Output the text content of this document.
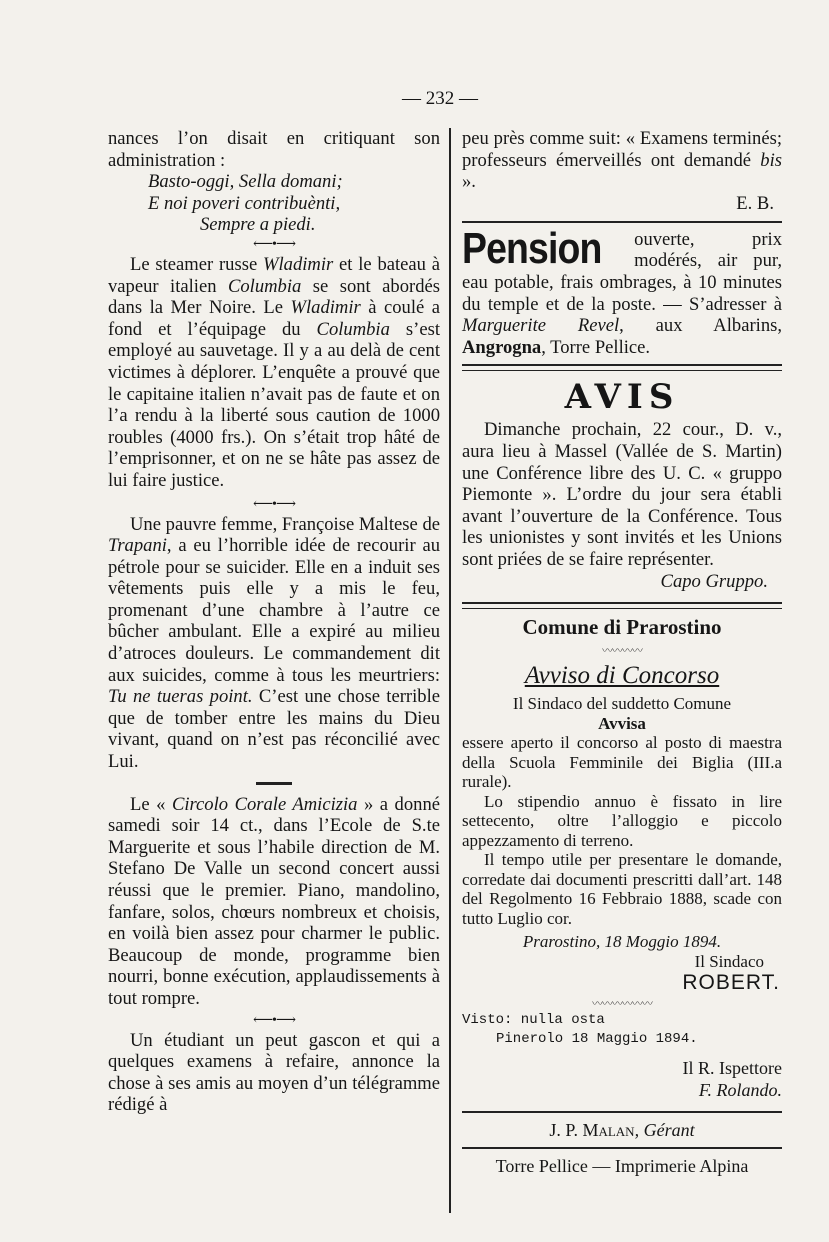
— 232 —

nances l’on disait en critiquant son administration :

Basto-oggi, Sella domani;
E noi poveri contribuènti,
Sempre a piedi.
⟵•⟶

Le steamer russe Wladimir et le bateau à vapeur italien Columbia se sont abordés dans la Mer Noire. Le Wladimir à coulé a fond et l’équipage du Columbia s’est employé au sauvetage. Il y a au delà de cent victimes à déplorer. L’enquête a prouvé que le capitaine italien n’avait pas de faute et on l’a rendu à la liberté sous caution de 1000 roubles (4000 frs.). On s’était trop hâté de l’emprisonner, et on ne se hâte pas assez de lui faire justice.

⟵•⟶

Une pauvre femme, Françoise Maltese de Trapani, a eu l’horrible idée de recourir au pétrole pour se suicider. Elle en a induit ses vêtements puis elle y a mis le feu, promenant d’une chambre à l’autre ce bûcher ambulant. Elle a expiré au milieu d’atroces douleurs. Le commandement dit aux suicides, comme à tous les meurtriers: Tu ne tueras point. C’est une chose terrible que de tomber entre les mains du Dieu vivant, quand on n’est pas réconcilié avec Lui.

Le « Circolo Corale Amicizia » a donné samedi soir 14 ct., dans l’Ecole de S.te Marguerite et sous l’habile direction de M. Stefano De Valle un second concert aussi réussi que le premier. Piano, mandolino, fanfare, solos, chœurs nombreux et choisis, en voilà bien assez pour charmer le public. Beaucoup de monde, programme bien nourri, bonne exécution, applaudissements à tout rompre.

⟵•⟶

Un étudiant un peut gascon et qui a quelques examens à refaire, annonce la chose à ses amis au moyen d’un télégramme rédigé à

peu près comme suit: « Examens terminés; professeurs émerveillés ont demandé bis ».

E. B.
Pension	ouverte, prix modérés, air pur, eau potable, frais ombrages, à 10 minutes du temple et de la poste. — S’adresser à Marguerite Revel, aux Albarins, Angrogna, Torre Pellice.

AVIS

Dimanche prochain, 22 cour., D. v., aura lieu à Massel (Vallée de S. Martin) une Conférence libre des U. C. « gruppo Piemonte ». L’ordre du jour sera établi avant l’ouverture de la Conférence. Tous les unionistes y sont invités et les Unions sont priées de se faire représenter.

Capo Gruppo.
Comune di Prarostino
〰〰〰〰
Avviso di Concorso
Il Sindaco del suddetto Comune
Avvisa

essere aperto il concorso al posto di maestra della Scuola Femminile dei Biglia (III.a rurale).

Lo stipendio annuo è fissato in lire settecento, oltre l’alloggio e piccolo appezzamento di terreno.

Il tempo utile per presentare le domande, corredate dai documenti prescritti dall’art. 148 del Regolmento 16 Febbraio 1888, scade con tutto Luglio cor.

Prarostino, 18 Moggio 1894.
Il Sindaco
ROBERT.
〰〰〰〰〰〰
Visto: nulla osta
Pinerolo 18 Maggio 1894.
Il R. Ispettore
F. Rolando.
J. P. Malan, Gérant
Torre Pellice — Imprimerie Alpina
